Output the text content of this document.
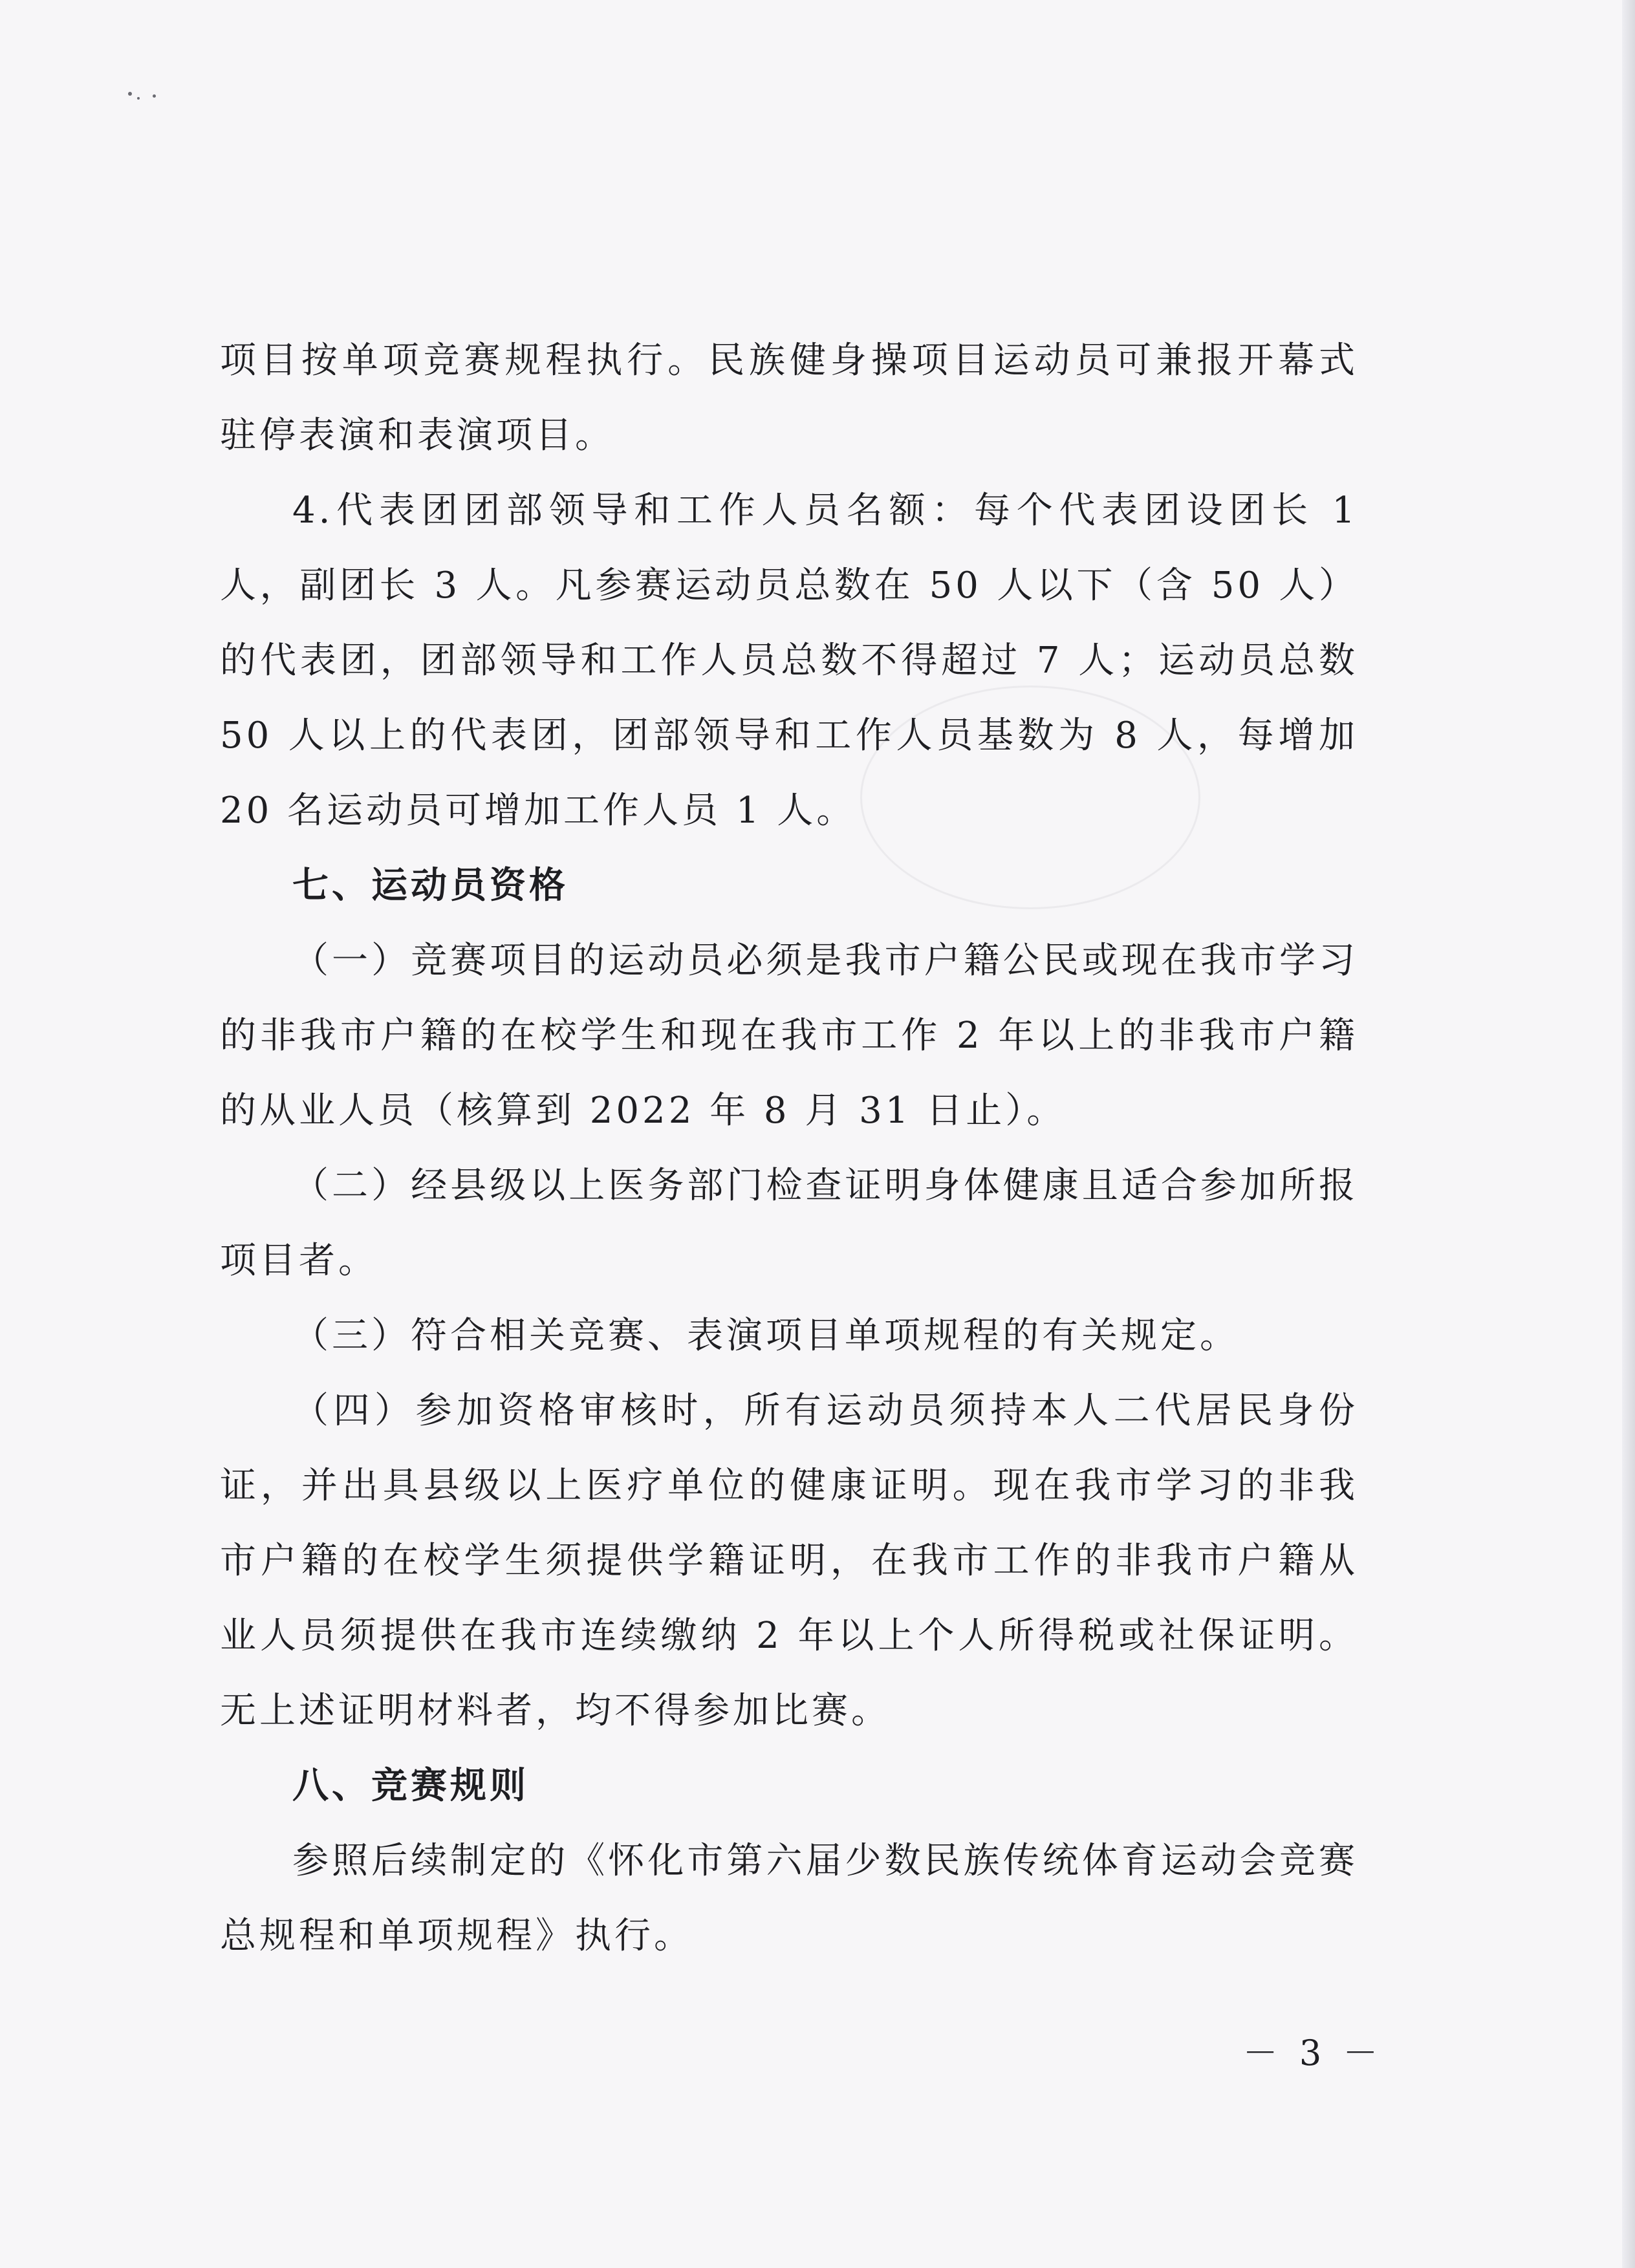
项目按单项竞赛规程执行。民族健身操项目运动员可兼报开幕式驻停表演和表演项目。

4.代表团团部领导和工作人员名额：每个代表团设团长 1人，副团长 3 人。凡参赛运动员总数在 50 人以下（含 50 人）的代表团，团部领导和工作人员总数不得超过 7 人；运动员总数 50 人以上的代表团，团部领导和工作人员基数为 8 人，每增加 20 名运动员可增加工作人员 1 人。

七、运动员资格

（一）竞赛项目的运动员必须是我市户籍公民或现在我市学习的非我市户籍的在校学生和现在我市工作 2 年以上的非我市户籍的从业人员（核算到 2022 年 8 月 31 日止）。

（二）经县级以上医务部门检查证明身体健康且适合参加所报项目者。

（三）符合相关竞赛、表演项目单项规程的有关规定。

（四）参加资格审核时，所有运动员须持本人二代居民身份证，并出具县级以上医疗单位的健康证明。现在我市学习的非我市户籍的在校学生须提供学籍证明，在我市工作的非我市户籍从业人员须提供在我市连续缴纳 2 年以上个人所得税或社保证明。无上述证明材料者，均不得参加比赛。

八、竞赛规则

参照后续制定的《怀化市第六届少数民族传统体育运动会竞赛总规程和单项规程》执行。

－ 3 －
